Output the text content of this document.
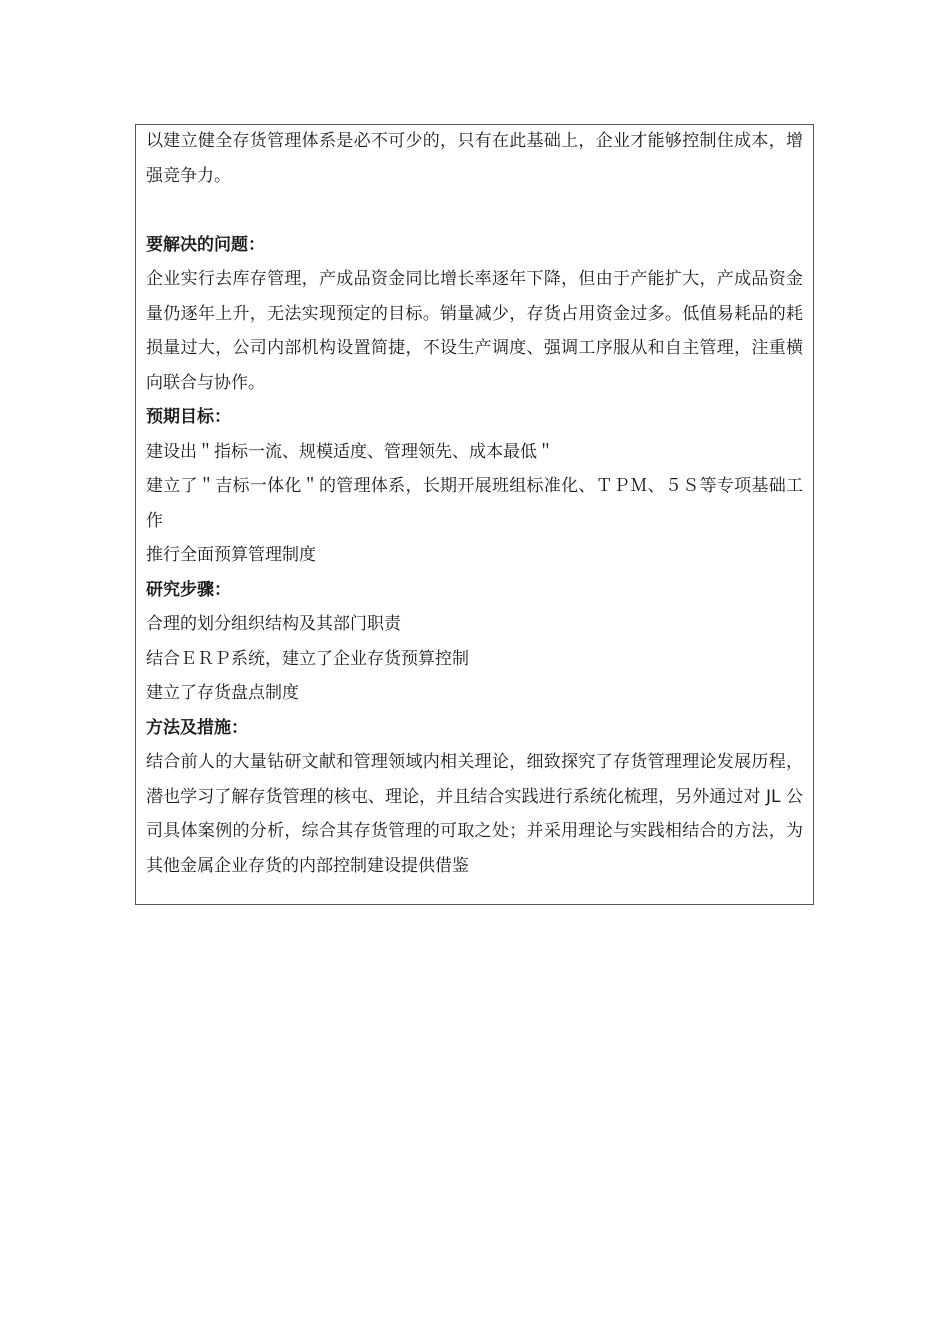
以建立健全存货管理体系是必不可少的，只有在此基础上，企业才能够控制住成本，增强竞争力。

要解决的问题：

企业实行去库存管理，产成品资金同比增长率逐年下降，但由于产能扩大，产成品资金量仍逐年上升，无法实现预定的目标。销量减少，存货占用资金过多。低值易耗品的耗损量过大，公司内部机构设置简捷，不设生产调度、强调工序服从和自主管理，注重横向联合与协作。

预期目标：

建设出＂指标一流、规模适度、管理领先、成本最低＂

建立了＂吉标一体化＂的管理体系，长期开展班组标准化、ＴＰＭ、５Ｓ等专项基础工作

推行全面预算管理制度

研究步骤：

合理的划分组织结构及其部门职责

结合ＥＲＰ系统，建立了企业存货预算控制

建立了存货盘点制度

方法及措施：

结合前人的大量钻研文献和管理领域内相关理论，细致探究了存货管理理论发展历程，潜也学习了解存货管理的核屯、理论，并且结合实践进行系统化梳理，另外通过对 JL 公司具体案例的分析，综合其存货管理的可取之处；并采用理论与实践相结合的方法，为其他金属企业存货的内部控制建设提供借鉴
